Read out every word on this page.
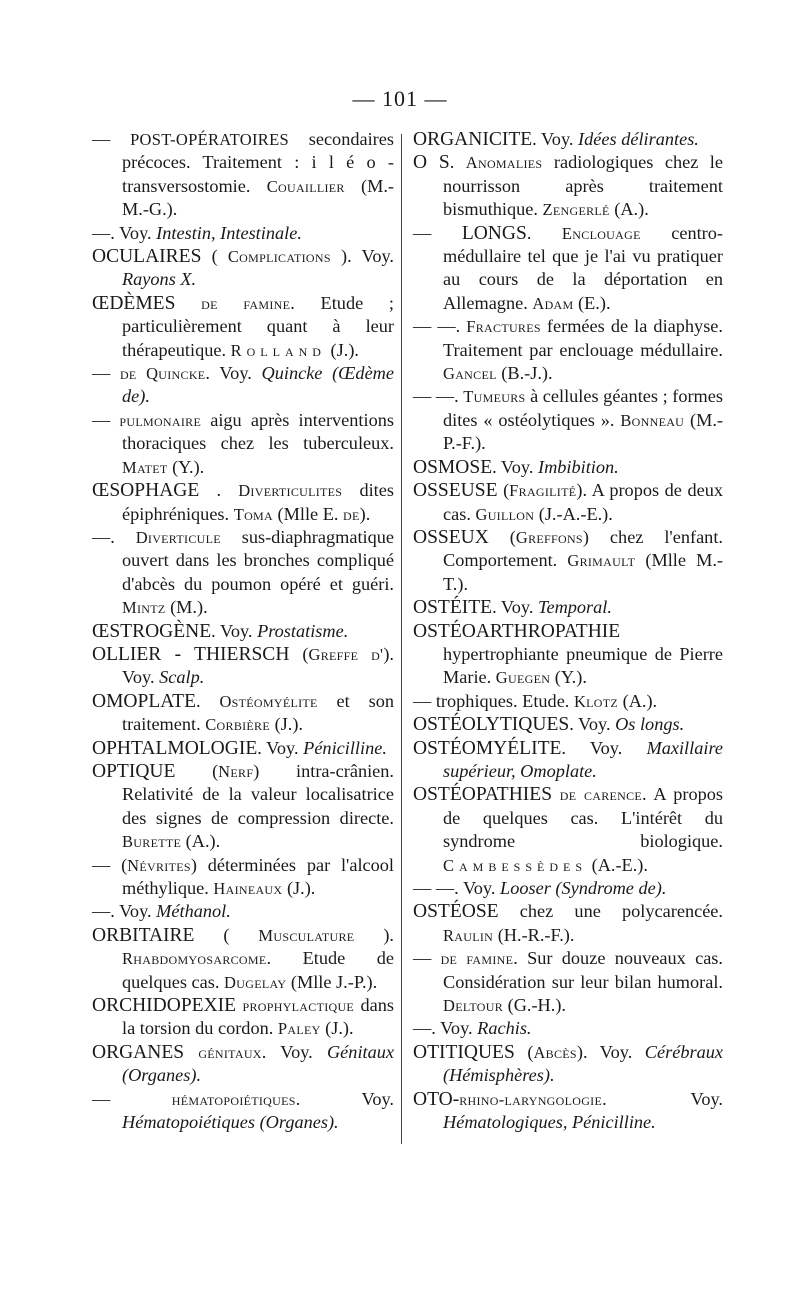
— 101 —

— POST-OPÉRATOIRES secondaires précoces. Traitement : i l é o - transversostomie. Couaillier (M.-M.-G.).

—. Voy. Intestin, Intestinale.

OCULAIRES ( Complications ). Voy. Rayons X.

ŒDÈMES de famine. Etude ; particulièrement quant à leur thérapeutique. Rolland (J.).

— de Quincke. Voy. Quincke (Œdème de).

— pulmonaire aigu après interventions thoraciques chez les tuberculeux. Matet (Y.).

ŒSOPHAGE . Diverticulites dites épiphréniques. Toma (Mlle E. de).

—. Diverticule sus-diaphragmatique ouvert dans les bronches compliqué d'abcès du poumon opéré et guéri. Mintz (M.).

ŒSTROGÈNE. Voy. Prostatisme.

OLLIER - THIERSCH (Greffe d'). Voy. Scalp.

OMOPLATE. Ostéomyélite et son traitement. Corbière (J.).

OPHTALMOLOGIE. Voy. Pénicilline.

OPTIQUE (Nerf) intra-crânien. Relativité de la valeur localisatrice des signes de compression directe. Burette (A.).

— (Névrites) déterminées par l'alcool méthylique. Haineaux (J.).

—. Voy. Méthanol.

ORBITAIRE ( Musculature ). Rhabdomyosarcome. Etude de quelques cas. Dugelay (Mlle J.-P.).

ORCHIDOPEXIE prophylactique dans la torsion du cordon. Paley (J.).

ORGANES génitaux. Voy. Génitaux (Organes).

— hématopoiétiques. Voy. Hématopoiétiques (Organes).

ORGANICITE. Voy. Idées délirantes.

O S. Anomalies radiologiques chez le nourrisson après traitement bismuthique. Zengerlé (A.).

— LONGS. Enclouage centro-médullaire tel que je l'ai vu pratiquer au cours de la déportation en Allemagne. Adam (E.).

— —. Fractures fermées de la diaphyse. Traitement par enclouage médullaire. Gancel (B.-J.).

— —. Tumeurs à cellules géantes ; formes dites « ostéolytiques ». Bonneau (M.-P.-F.).

OSMOSE. Voy. Imbibition.

OSSEUSE (Fragilité). A propos de deux cas. Guillon (J.-A.-E.).

OSSEUX (Greffons) chez l'enfant. Comportement. Grimault (Mlle M.-T.).

OSTÉITE. Voy. Temporal.

OSTÉOARTHROPATHIE hypertrophiante pneumique de Pierre Marie. Guegen (Y.).

— trophiques. Etude. Klotz (A.).

OSTÉOLYTIQUES. Voy. Os longs.

OSTÉOMYÉLITE. Voy. Maxillaire supérieur, Omoplate.

OSTÉOPATHIES de carence. A propos de quelques cas. L'intérêt du syndrome biologique. Cambessèdes (A.-E.).

— —. Voy. Looser (Syndrome de).

OSTÉOSE chez une polycarencée. Raulin (H.-R.-F.).

— de famine. Sur douze nouveaux cas. Considération sur leur bilan humoral. Deltour (G.-H.).

—. Voy. Rachis.

OTITIQUES (Abcès). Voy. Cérébraux (Hémisphères).

OTO-rhino-laryngologie. Voy. Hématologiques, Pénicilline.
